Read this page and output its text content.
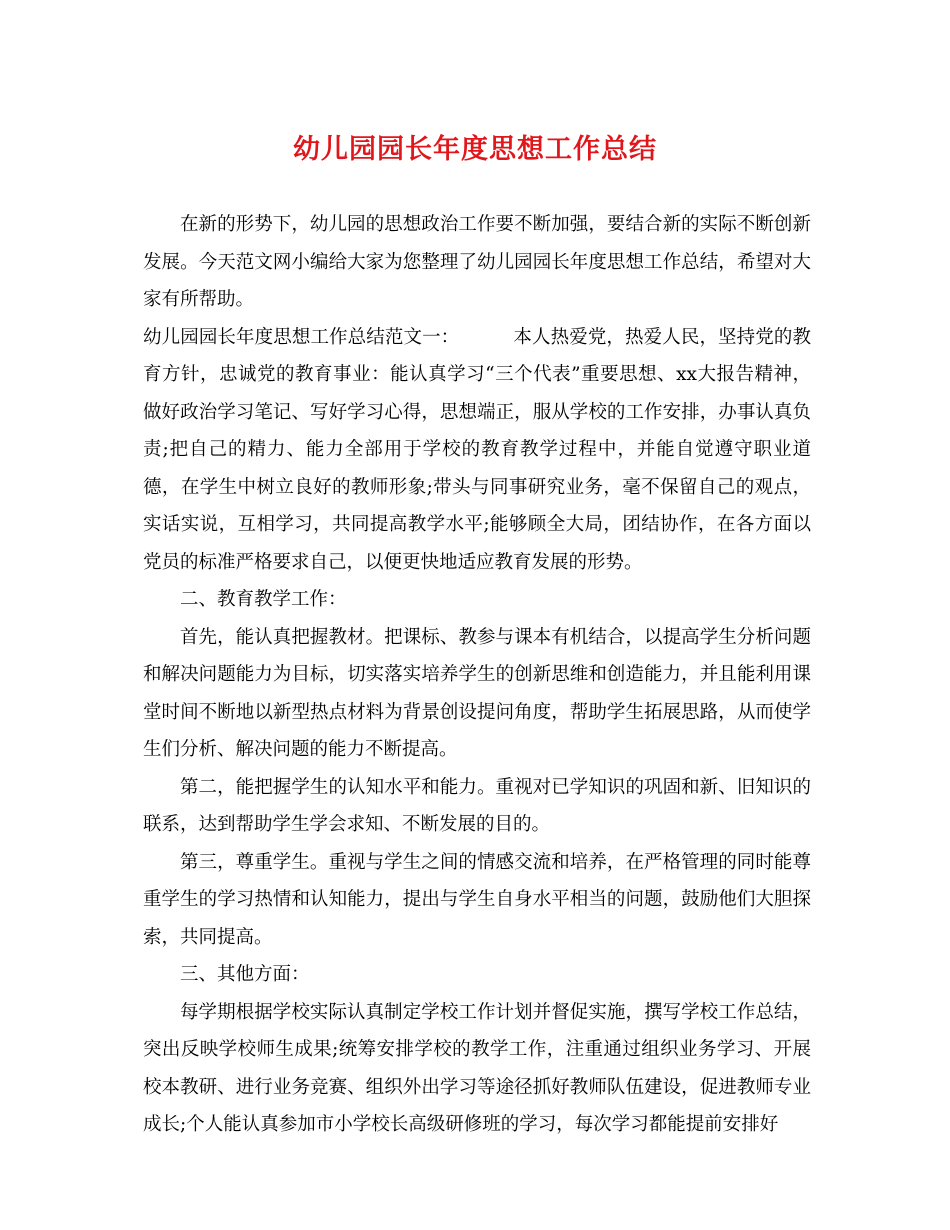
幼儿园园长年度思想工作总结

在新的形势下，幼儿园的思想政治工作要不断加强，要结合新的实际不断创新发展。今天范文网小编给大家为您整理了幼儿园园长年度思想工作总结，希望对大家有所帮助。

幼儿园园长年度思想工作总结范文一：	本人热爱党，热爱人民，坚持党的教育方针，忠诚党的教育事业：能认真学习“三个代表”重要思想、xx大报告精神，做好政治学习笔记、写好学习心得，思想端正，服从学校的工作安排，办事认真负责;把自己的精力、能力全部用于学校的教育教学过程中，并能自觉遵守职业道德，在学生中树立良好的教师形象;带头与同事研究业务，毫不保留自己的观点，实话实说，互相学习，共同提高教学水平;能够顾全大局，团结协作，在各方面以党员的标准严格要求自己，以便更快地适应教育发展的形势。

二、教育教学工作：

首先，能认真把握教材。把课标、教参与课本有机结合，以提高学生分析问题和解决问题能力为目标，切实落实培养学生的创新思维和创造能力，并且能利用课堂时间不断地以新型热点材料为背景创设提问角度，帮助学生拓展思路，从而使学生们分析、解决问题的能力不断提高。

第二，能把握学生的认知水平和能力。重视对已学知识的巩固和新、旧知识的联系，达到帮助学生学会求知、不断发展的目的。

第三，尊重学生。重视与学生之间的情感交流和培养，在严格管理的同时能尊重学生的学习热情和认知能力，提出与学生自身水平相当的问题，鼓励他们大胆探索，共同提高。

三、其他方面：

每学期根据学校实际认真制定学校工作计划并督促实施，撰写学校工作总结，突出反映学校师生成果;统筹安排学校的教学工作，注重通过组织业务学习、开展校本教研、进行业务竞赛、组织外出学习等途径抓好教师队伍建设，促进教师专业成长;个人能认真参加市小学校长高级研修班的学习，每次学习都能提前安排好
